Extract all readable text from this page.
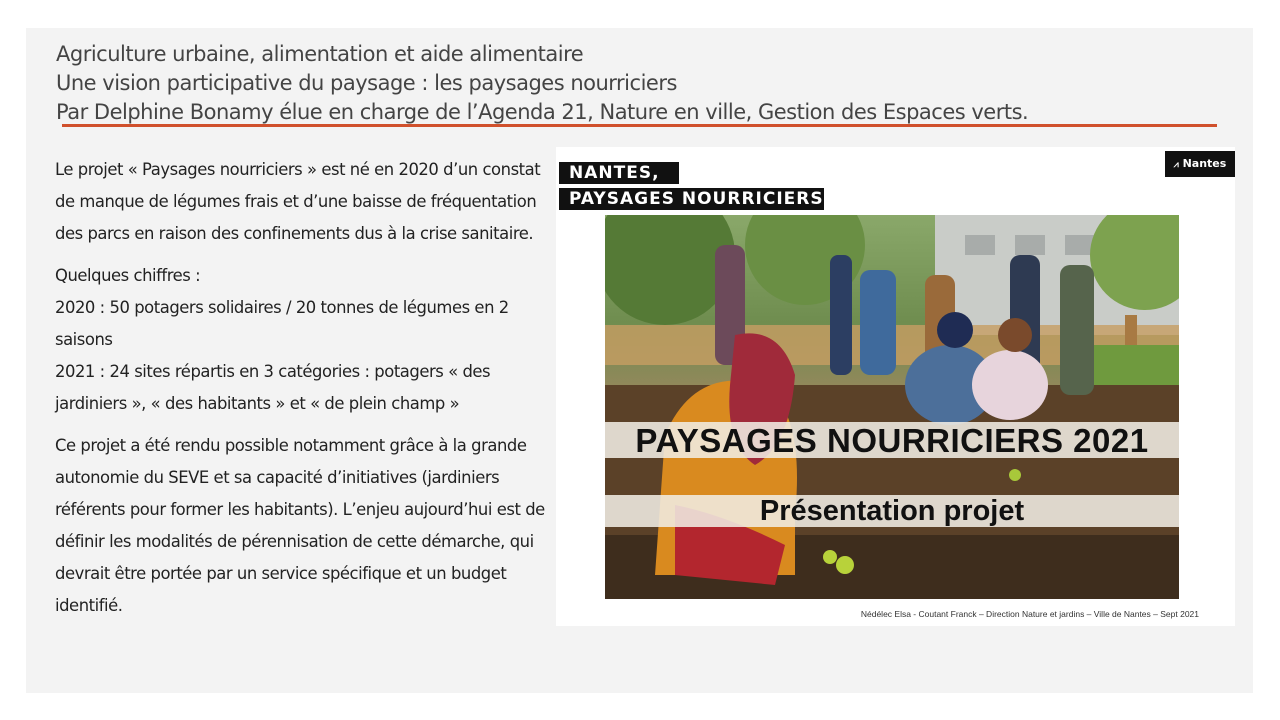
Agriculture urbaine, alimentation et aide alimentaire
Une vision participative du paysage : les paysages nourriciers
Par Delphine Bonamy élue en charge de l’Agenda 21, Nature en ville, Gestion des Espaces verts.

Le projet « Paysages nourriciers » est né en 2020 d’un constat de manque de légumes frais et d’une baisse de fréquentation des parcs en raison des confinements dus à la crise sanitaire.

Quelques chiffres :
2020 : 50 potagers solidaires / 20 tonnes de légumes en 2 saisons
2021 : 24 sites répartis en 3 catégories : potagers « des jardiniers », « des habitants » et « de plein champ »

Ce projet a été rendu possible notamment grâce à la grande autonomie du SEVE et sa capacité d’initiatives (jardiniers référents pour former les habitants). L’enjeu aujourd’hui est de définir les modalités de pérennisation de cette démarche, qui devrait être portée par un service spécifique et un budget identifié.

NANTES,
PAYSAGES NOURRICIERS
⩘ Nantes
PAYSAGES NOURRICIERS 2021
Présentation projet
Nédélec Elsa - Coutant Franck – Direction Nature et jardins – Ville de Nantes – Sept 2021
